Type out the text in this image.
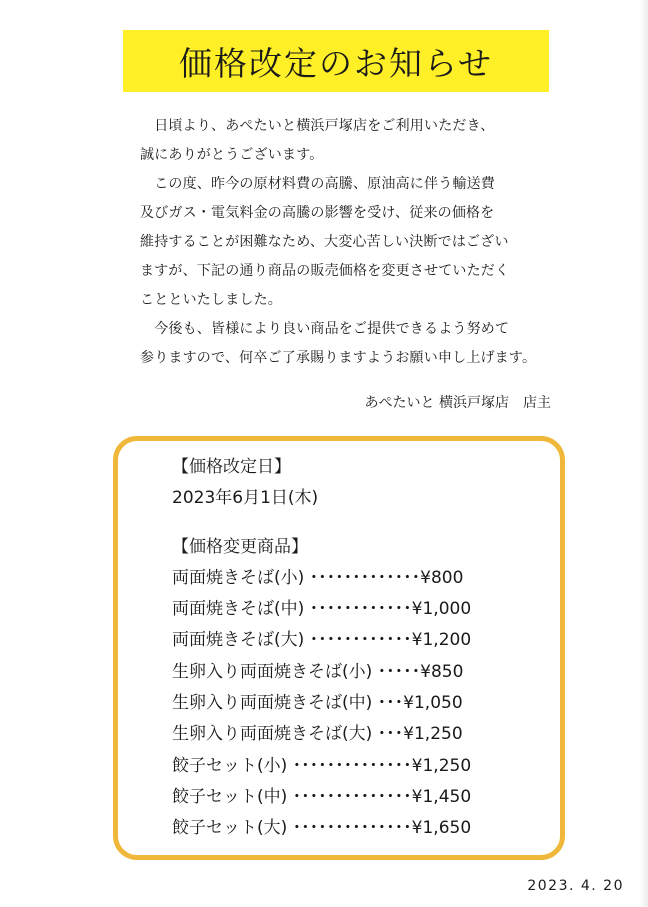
価格改定のお知らせ

　日頃より、あぺたいと横浜戸塚店をご利用いただき、

誠にありがとうございます。

　この度、昨今の原材料費の高騰、原油高に伴う輸送費

及びガス・電気料金の高騰の影響を受け、従来の価格を

維持することが困難なため、大変心苦しい決断ではござい

ますが、下記の通り商品の販売価格を変更させていただく

ことといたしました。

　今後も、皆様により良い商品をご提供できるよう努めて

参りますので、何卒ご了承賜りますようお願い申し上げます。

あぺたいと 横浜戸塚店　店主

【価格改定日】

2023年6月1日(木)

【価格変更商品】

両面焼きそば(小) ･････････････¥800

両面焼きそば(中) ････････････¥1,000

両面焼きそば(大) ････････････¥1,200

生卵入り両面焼きそば(小) ･････¥850

生卵入り両面焼きそば(中) ･･･¥1,050

生卵入り両面焼きそば(大) ･･･¥1,250

餃子セット(小) ･･････････････¥1,250

餃子セット(中) ･･････････････¥1,450

餃子セット(大) ･･････････････¥1,650

2023. 4. 20
